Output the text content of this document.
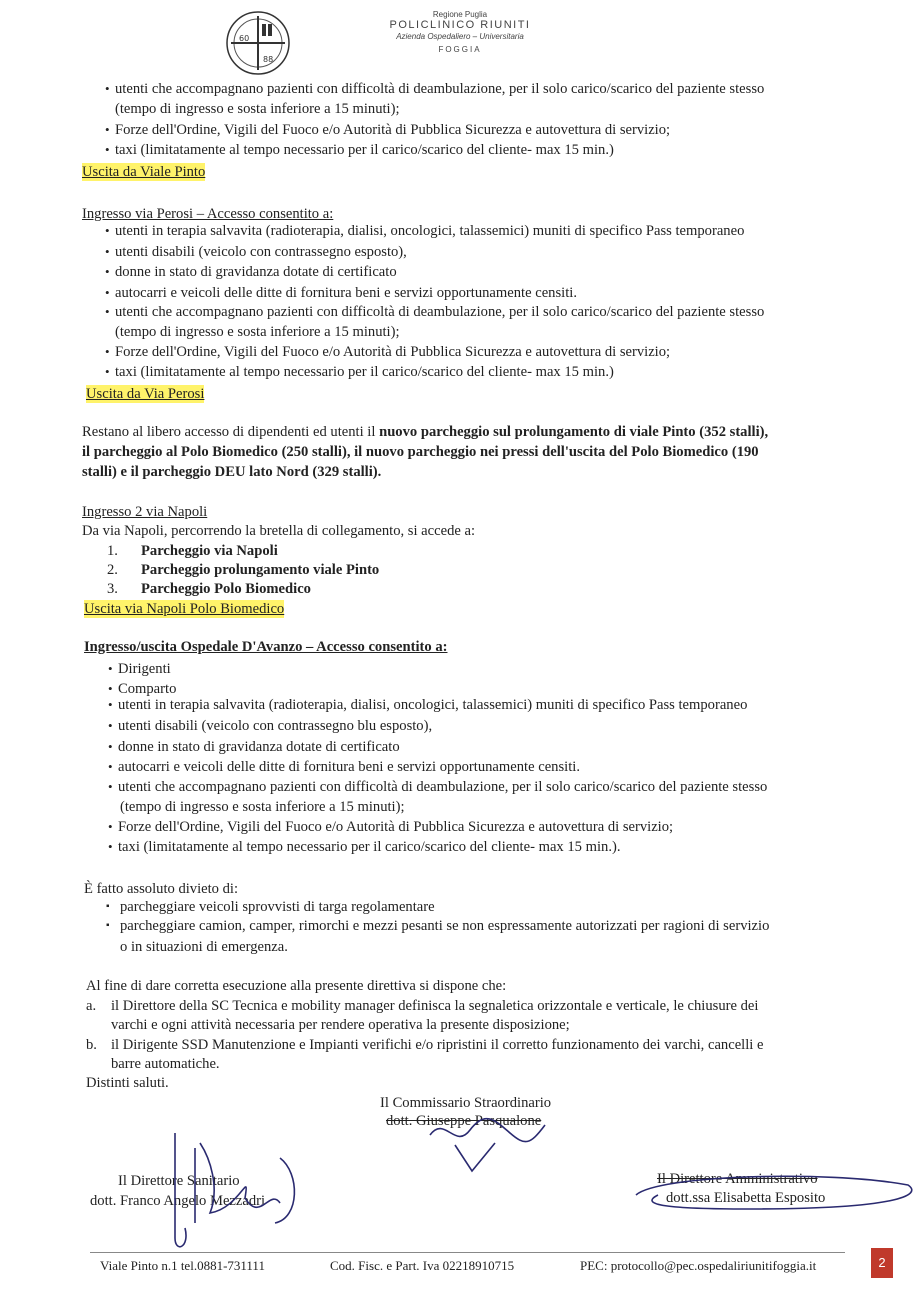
60
88
Regione Puglia
POLICLINICO RIUNITI
Azienda Ospedaliero – Universitaria
FOGGIA
• utenti che accompagnano pazienti con difficoltà di deambulazione, per il solo carico/scarico del paziente stesso
(tempo di ingresso e sosta inferiore a 15 minuti);
• Forze dell'Ordine, Vigili del Fuoco e/o Autorità di Pubblica Sicurezza e autovettura di servizio;
• taxi (limitatamente al tempo necessario per il carico/scarico del cliente- max 15 min.)
Uscita da Viale Pinto
Ingresso via Perosi – Accesso consentito a:
• utenti in terapia salvavita (radioterapia, dialisi, oncologici, talassemici) muniti di specifico Pass temporaneo
• utenti disabili (veicolo con contrassegno esposto),
• donne in stato di gravidanza dotate di certificato
• autocarri e veicoli delle ditte di fornitura beni e servizi opportunamente censiti.
• utenti che accompagnano pazienti con difficoltà di deambulazione, per il solo carico/scarico del paziente stesso
(tempo di ingresso e sosta inferiore a 15 minuti);
• Forze dell'Ordine, Vigili del Fuoco e/o Autorità di Pubblica Sicurezza e autovettura di servizio;
• taxi (limitatamente al tempo necessario per il carico/scarico del cliente- max 15 min.)
Uscita da Via Perosi
Restano al libero accesso di dipendenti ed utenti il nuovo parcheggio sul prolungamento di viale Pinto (352 stalli),
il parcheggio al Polo Biomedico (250 stalli), il nuovo parcheggio nei pressi dell'uscita del Polo Biomedico (190
stalli) e il parcheggio DEU lato Nord (329 stalli).
Ingresso 2 via Napoli
Da via Napoli, percorrendo la bretella di collegamento, si accede a:
1. Parcheggio via Napoli
2. Parcheggio prolungamento viale Pinto
3. Parcheggio Polo Biomedico
Uscita via Napoli Polo Biomedico
Ingresso/uscita Ospedale D'Avanzo – Accesso consentito a:
• Dirigenti
• Comparto
• utenti in terapia salvavita (radioterapia, dialisi, oncologici, talassemici) muniti di specifico Pass temporaneo
• utenti disabili (veicolo con contrassegno blu esposto),
• donne in stato di gravidanza dotate di certificato
• autocarri e veicoli delle ditte di fornitura beni e servizi opportunamente censiti.
• utenti che accompagnano pazienti con difficoltà di deambulazione, per il solo carico/scarico del paziente stesso
(tempo di ingresso e sosta inferiore a 15 minuti);
• Forze dell'Ordine, Vigili del Fuoco e/o Autorità di Pubblica Sicurezza e autovettura di servizio;
• taxi (limitatamente al tempo necessario per il carico/scarico del cliente- max 15 min.).
È fatto assoluto divieto di:
▪ parcheggiare veicoli sprovvisti di targa regolamentare
▪ parcheggiare camion, camper, rimorchi e mezzi pesanti se non espressamente autorizzati per ragioni di servizio
o in situazioni di emergenza.
Al fine di dare corretta esecuzione alla presente direttiva si dispone che:
a. il Direttore della SC Tecnica e mobility manager definisca la segnaletica orizzontale e verticale, le chiusure dei
varchi e ogni attività necessaria per rendere operativa la presente disposizione;
b. il Dirigente SSD Manutenzione e Impianti verifichi e/o ripristini il corretto funzionamento dei varchi, cancelli e
barre automatiche.
Distinti saluti.
Il Commissario Straordinario
dott. Giuseppe Pasqualone
Il Direttore Sanitario
dott. Franco Angelo Mezzadri
Il Direttore Amministrativo
dott.ssa Elisabetta Esposito
Viale Pinto n.1 tel.0881-731111	Cod. Fisc. e Part. Iva 02218910715	PEC: protocollo@pec.ospedaliriunitifoggia.it	2
